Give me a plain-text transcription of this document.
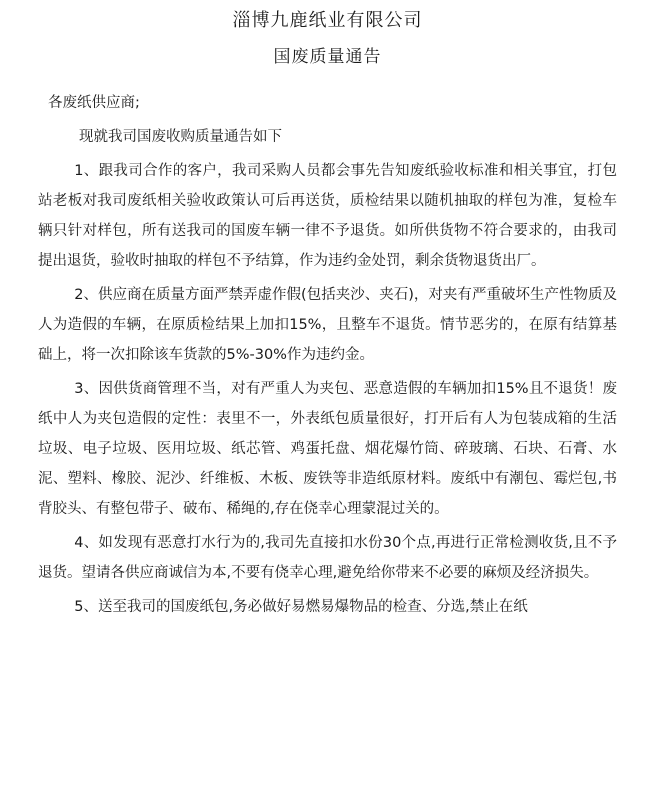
淄博九鹿纸业有限公司
国废质量通告
各废纸供应商;
现就我司国废收购质量通告如下
1、跟我司合作的客户，我司采购人员都会事先告知废纸验收标准和相关事宜，打包站老板对我司废纸相关验收政策认可后再送货，质检结果以随机抽取的样包为准，复检车辆只针对样包，所有送我司的国废车辆一律不予退货。如所供货物不符合要求的，由我司提出退货，验收时抽取的样包不予结算，作为违约金处罚，剩余货物退货出厂。
2、供应商在质量方面严禁弄虚作假(包括夹沙、夹石)，对夹有严重破坏生产性物质及人为造假的车辆，在原质检结果上加扣15%，且整车不退货。情节恶劣的，在原有结算基础上，将一次扣除该车货款的5%-30%作为违约金。
3、因供货商管理不当，对有严重人为夹包、恶意造假的车辆加扣15%且不退货！废纸中人为夹包造假的定性：表里不一，外表纸包质量很好，打开后有人为包装成箱的生活垃圾、电子垃圾、医用垃圾、纸芯管、鸡蛋托盘、烟花爆竹筒、碎玻璃、石块、石膏、水泥、塑料、橡胶、泥沙、纤维板、木板、废铁等非造纸原材料。废纸中有潮包、霉烂包,书背胶头、有整包带子、破布、稀绳的,存在侥幸心理蒙混过关的。
4、如发现有恶意打水行为的,我司先直接扣水份30个点,再进行正常检测收货,且不予退货。望请各供应商诚信为本,不要有侥幸心理,避免给你带来不必要的麻烦及经济损失。
5、送至我司的国废纸包,务必做好易燃易爆物品的检查、分选,禁止在纸
